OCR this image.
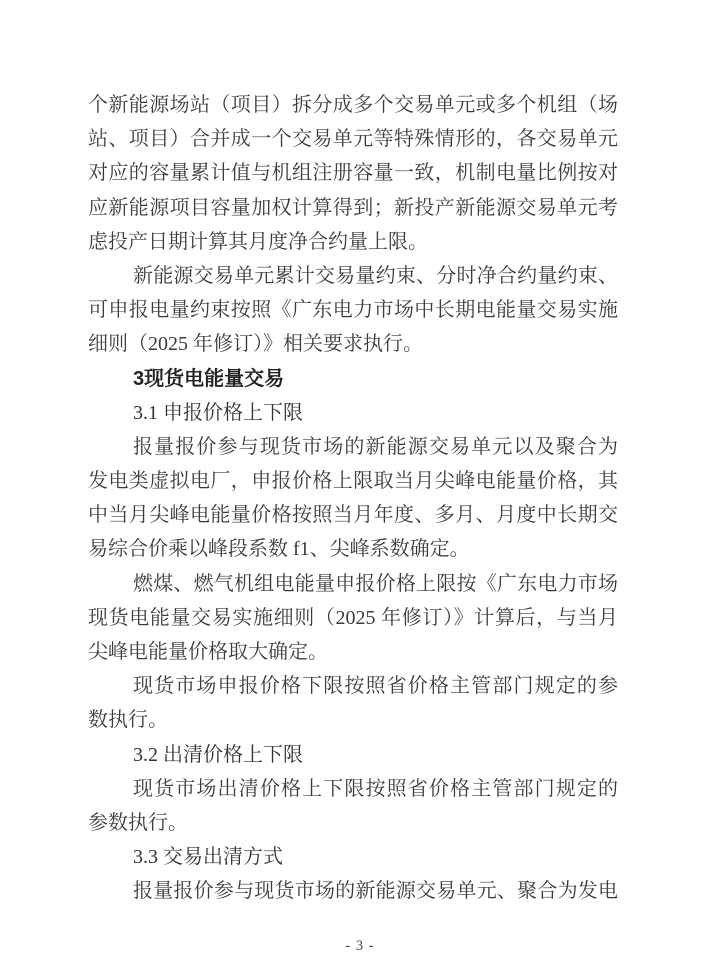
个新能源场站（项目）拆分成多个交易单元或多个机组（场
站、项目）合并成一个交易单元等特殊情形的，各交易单元
对应的容量累计值与机组注册容量一致，机制电量比例按对
应新能源项目容量加权计算得到；新投产新能源交易单元考
虑投产日期计算其月度净合约量上限。
新能源交易单元累计交易量约束、分时净合约量约束、
可申报电量约束按照《广东电力市场中长期电能量交易实施
细则（2025 年修订）》相关要求执行。
3现货电能量交易
3.1 申报价格上下限
报量报价参与现货市场的新能源交易单元以及聚合为
发电类虚拟电厂，申报价格上限取当月尖峰电能量价格，其
中当月尖峰电能量价格按照当月年度、多月、月度中长期交
易综合价乘以峰段系数 f1、尖峰系数确定。
燃煤、燃气机组电能量申报价格上限按《广东电力市场
现货电能量交易实施细则（2025 年修订）》计算后，与当月
尖峰电能量价格取大确定。
现货市场申报价格下限按照省价格主管部门规定的参
数执行。
3.2 出清价格上下限
现货市场出清价格上下限按照省价格主管部门规定的
参数执行。
3.3 交易出清方式
报量报价参与现货市场的新能源交易单元、聚合为发电
- 3 -
